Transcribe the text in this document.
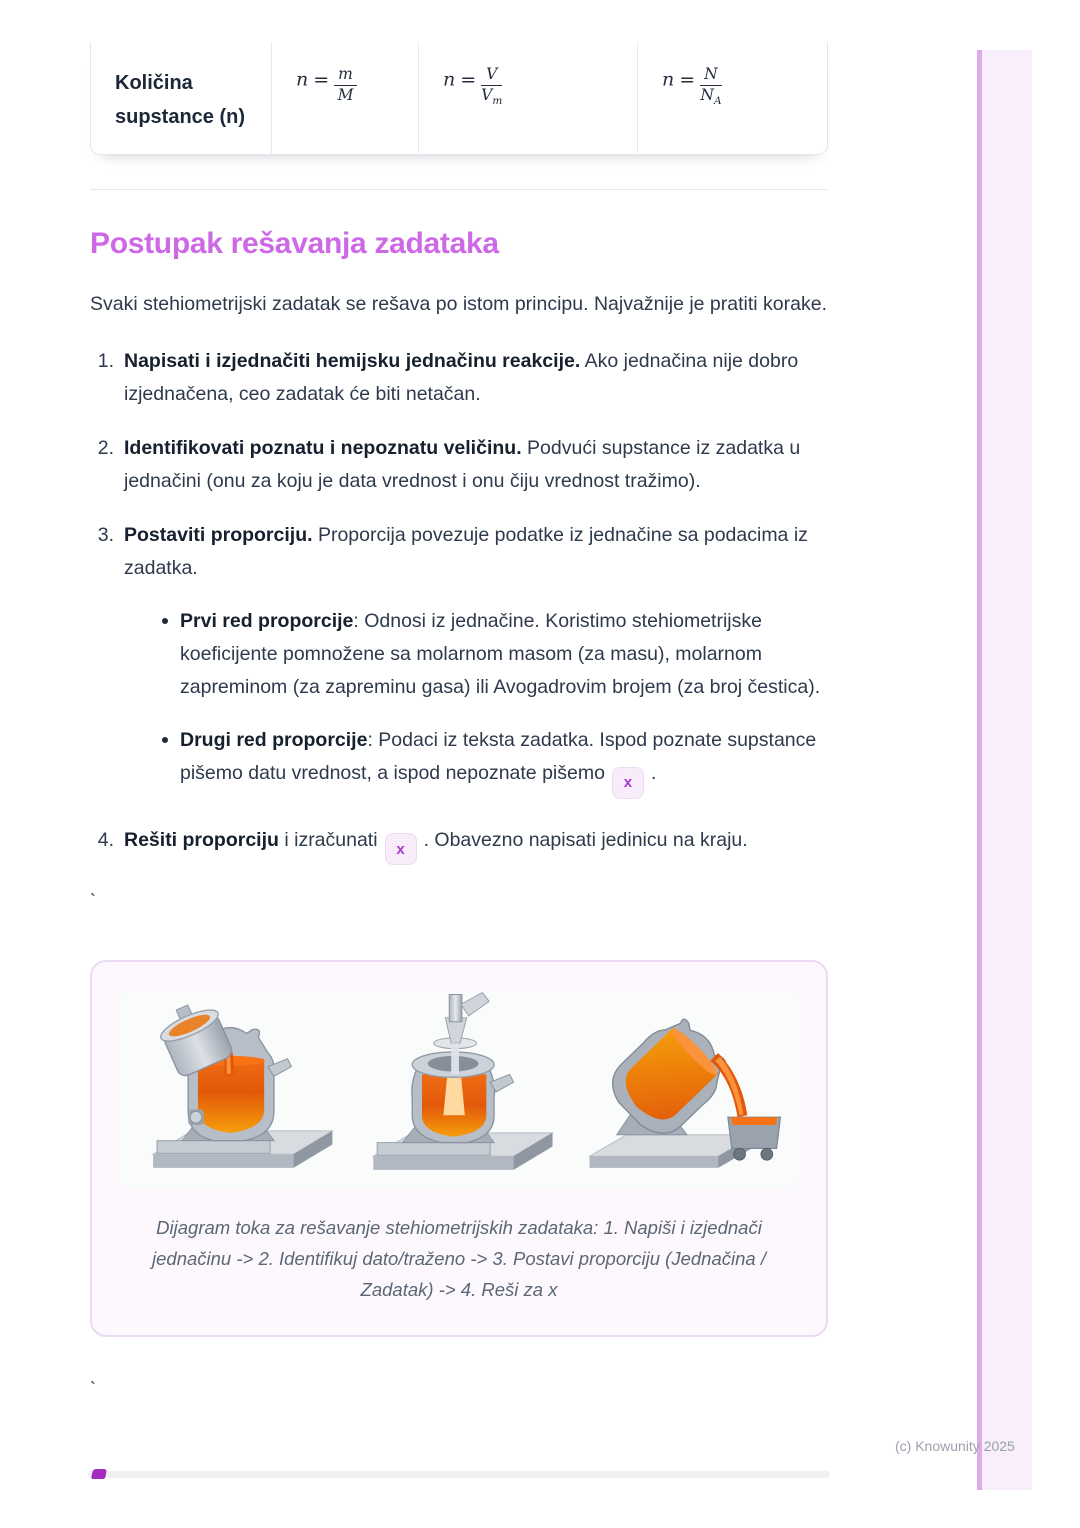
Količina supstance (n)
$n = \frac{m}{M}$	$n = \frac{V}{V_m}$	$n = \frac{N}{N_A}$
Postupak rešavanja zadataka

Svaki stehiometrijski zadatak se rešava po istom principu. Najvažnije je pratiti korake.

1. Napisati i izjednačiti hemijsku jednačinu reakcije. Ako jednačina nije dobro izjednačena, ceo zadatak će biti netačan.
2. Identifikovati poznatu i nepoznatu veličinu. Podvući supstance iz zadatka u jednačini (onu za koju je data vrednost i onu čiju vrednost tražimo).
3. Postaviti proporciju. Proporcija povezuje podatke iz jednačine sa podacima iz zadatka.
Prvi red proporcije: Odnosi iz jednačine. Koristimo stehiometrijske koeficijente pomnožene sa molarnom masom (za masu), molarnom zapreminom (za zapreminu gasa) ili Avogadrovim brojem (za broj čestica).
Drugi red proporcije: Podaci iz teksta zadatka. Ispod poznate supstance pišemo datu vrednost, a ispod nepoznate pišemo x .
4. Rešiti proporciju i izračunati x . Obavezno napisati jedinicu na kraju.

`

Dijagram toka za rešavanje stehiometrijskih zadataka: 1. Napiši i izjednači jednačinu -> 2. Identifikuj dato/traženo -> 3. Postavi proporciju (Jednačina / Zadatak) -> 4. Reši za x

`

(c) Knowunity 2025
